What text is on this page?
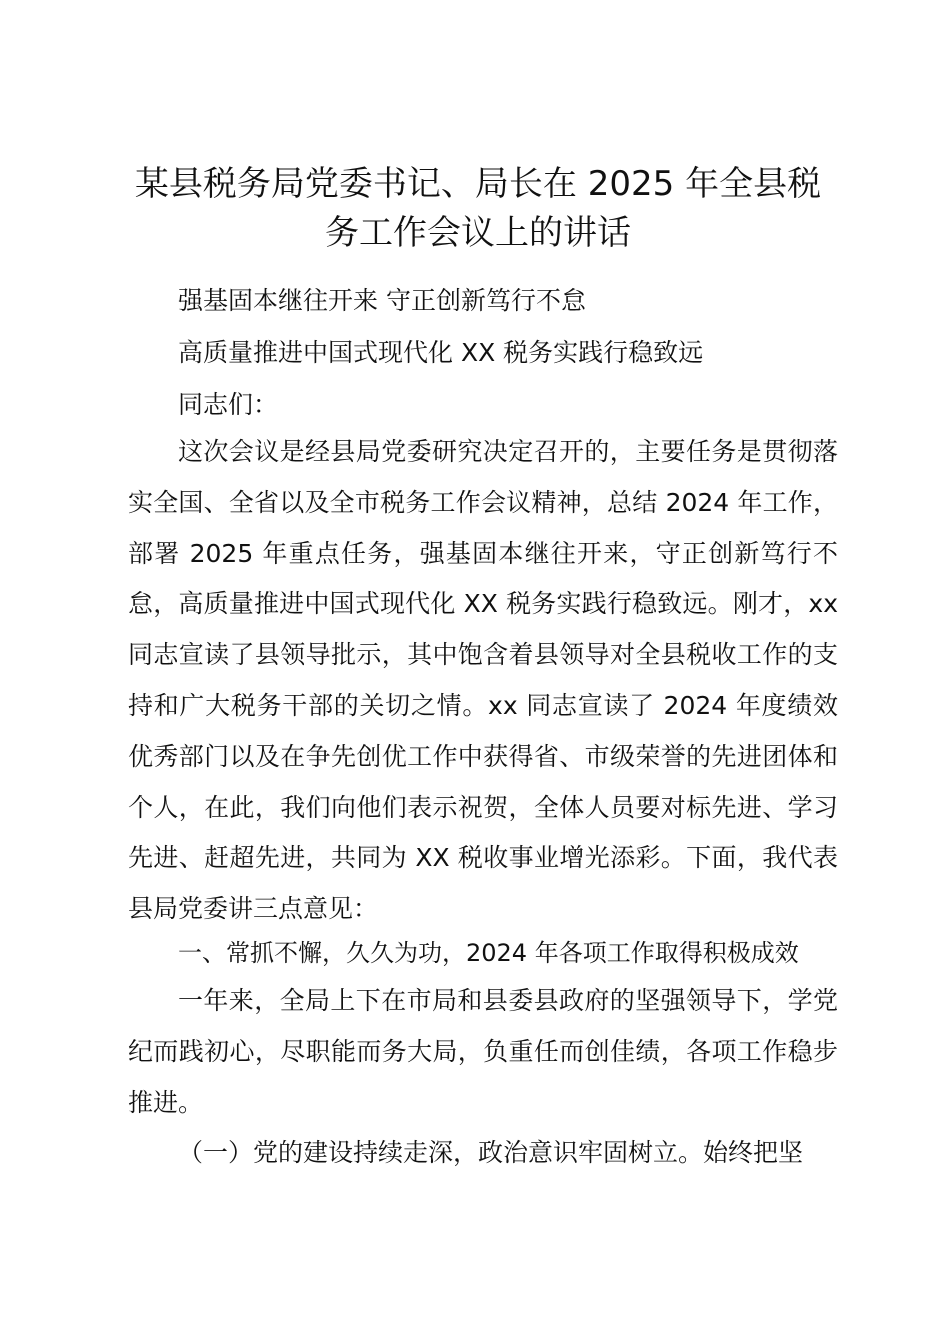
某县税务局党委书记、局长在 2025 年全县税务工作会议上的讲话

强基固本继往开来 守正创新笃行不怠

高质量推进中国式现代化 XX 税务实践行稳致远

同志们：

这次会议是经县局党委研究决定召开的，主要任务是贯彻落实全国、全省以及全市税务工作会议精神，总结 2024 年工作，部署 2025 年重点任务，强基固本继往开来，守正创新笃行不怠，高质量推进中国式现代化 XX 税务实践行稳致远。刚才，xx 同志宣读了县领导批示，其中饱含着县领导对全县税收工作的支持和广大税务干部的关切之情。xx 同志宣读了 2024 年度绩效优秀部门以及在争先创优工作中获得省、市级荣誉的先进团体和个人，在此，我们向他们表示祝贺，全体人员要对标先进、学习先进、赶超先进，共同为 XX 税收事业增光添彩。下面，我代表县局党委讲三点意见：

一、常抓不懈，久久为功，2024 年各项工作取得积极成效

一年来，全局上下在市局和县委县政府的坚强领导下，学党纪而践初心，尽职能而务大局，负重任而创佳绩，各项工作稳步推进。

（一）党的建设持续走深，政治意识牢固树立。始终把坚
